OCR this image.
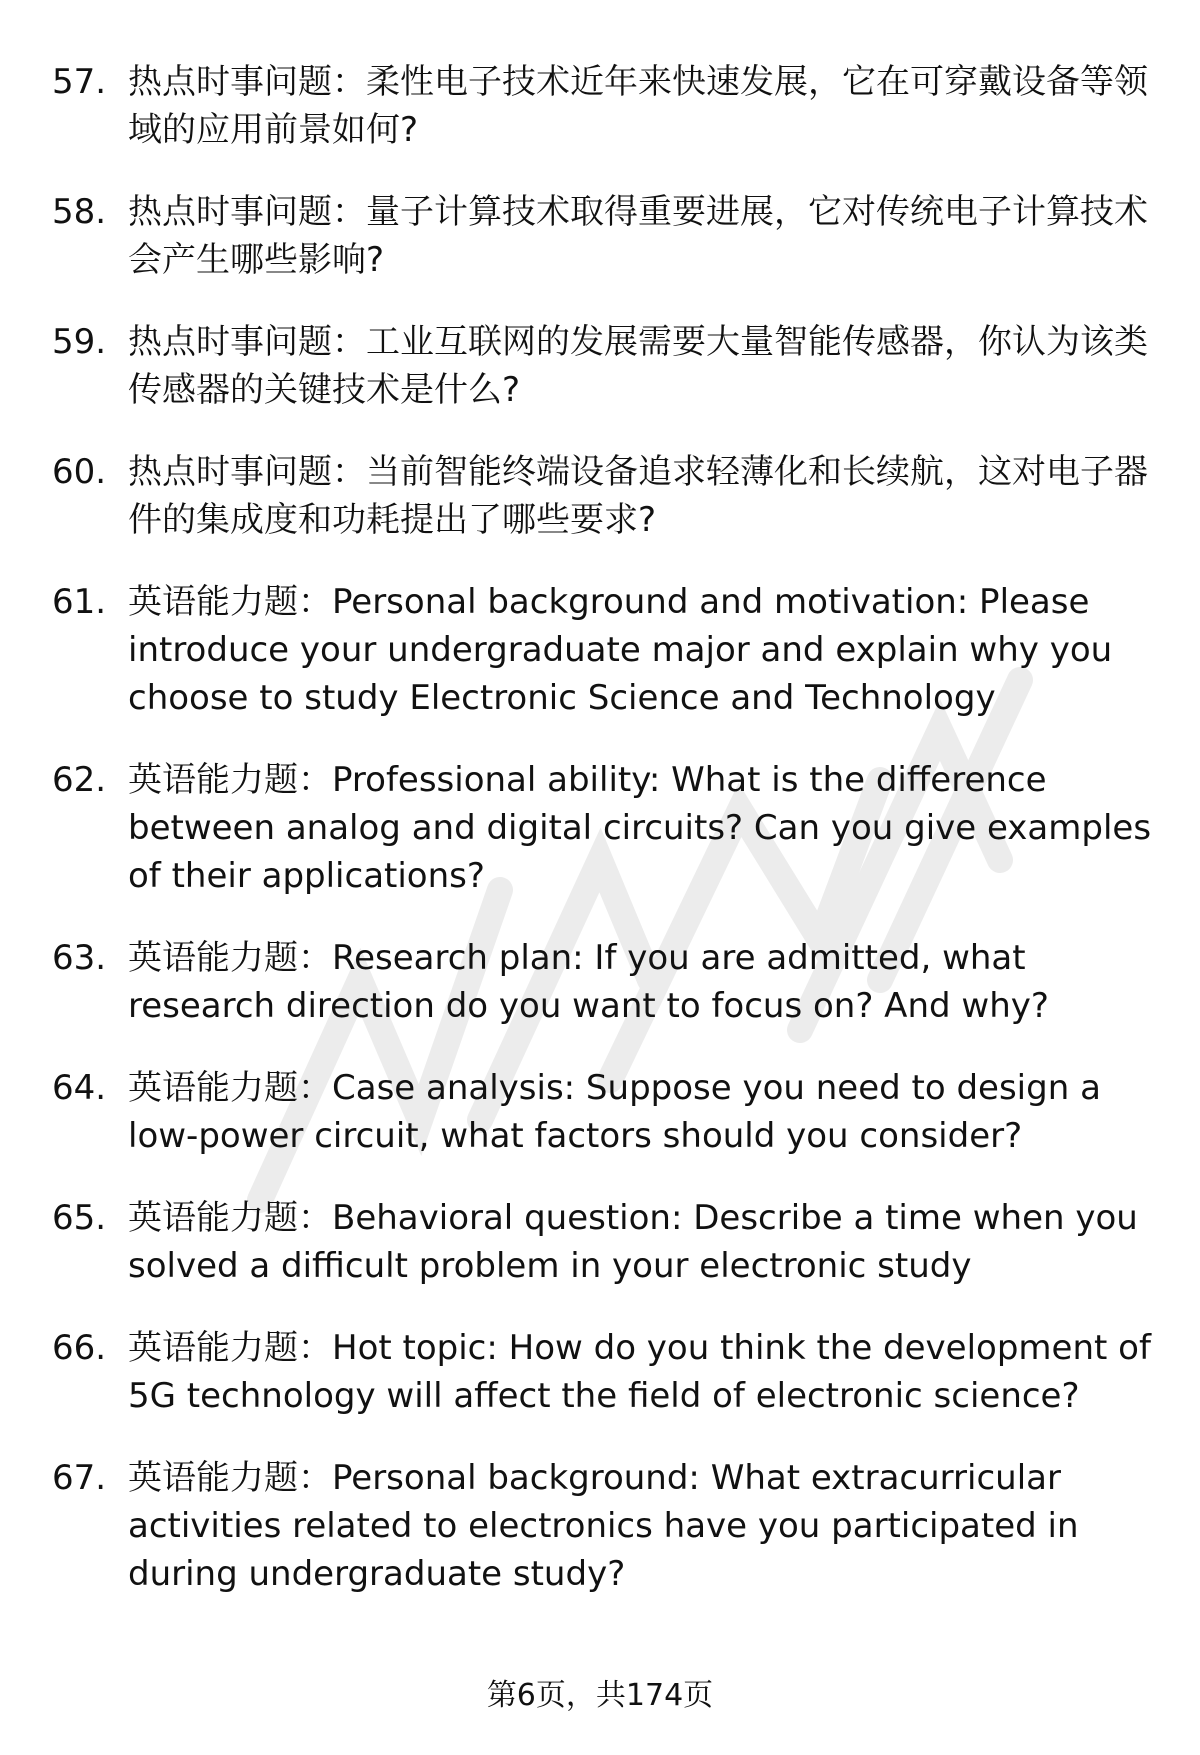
57. 热点时事问题：柔性电子技术近年来快速发展，它在可穿戴设备等领域的应用前景如何?
58. 热点时事问题：量子计算技术取得重要进展，它对传统电子计算技术会产生哪些影响?
59. 热点时事问题：工业互联网的发展需要大量智能传感器，你认为该类传感器的关键技术是什么?
60. 热点时事问题：当前智能终端设备追求轻薄化和长续航，这对电子器件的集成度和功耗提出了哪些要求?
61. 英语能力题：Personal background and motivation: Please introduce your undergraduate major and explain why you choose to study Electronic Science and Technology
62. 英语能力题：Professional ability: What is the difference between analog and digital circuits? Can you give examples of their applications?
63. 英语能力题：Research plan: If you are admitted, what research direction do you want to focus on? And why?
64. 英语能力题：Case analysis: Suppose you need to design a low-power circuit, what factors should you consider?
65. 英语能力题：Behavioral question: Describe a time when you solved a difficult problem in your electronic study
66. 英语能力题：Hot topic: How do you think the development of 5G technology will affect the field of electronic science?
67. 英语能力题：Personal background: What extracurricular activities related to electronics have you participated in during undergraduate study?
第6页，共174页
